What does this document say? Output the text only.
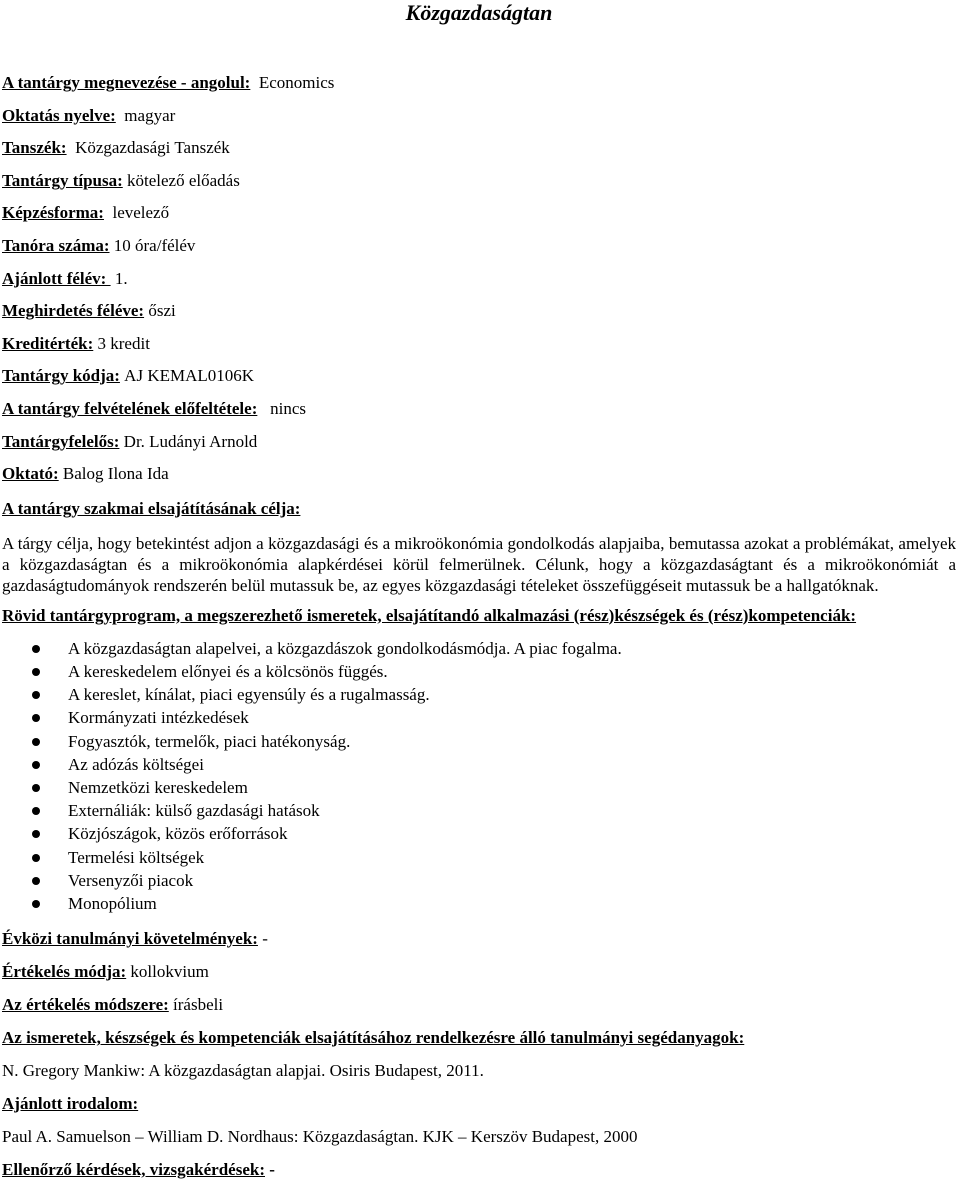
Közgazdaságtan

A tantárgy megnevezése - angolul: Economics

Oktatás nyelve: magyar

Tanszék: Közgazdasági Tanszék

Tantárgy típusa: kötelező előadás

Képzésforma: levelező

Tanóra száma: 10 óra/félév

Ajánlott félév:  1.

Meghirdetés féléve: őszi

Kreditérték: 3 kredit

Tantárgy kódja: AJ KEMAL0106K

A tantárgy felvételének előfeltétele: nincs

Tantárgyfelelős: Dr. Ludányi Arnold

Oktató: Balog Ilona Ida

A tantárgy szakmai elsajátításának célja:

A tárgy célja, hogy betekintést adjon a közgazdasági és a mikroökonómia gondolkodás alapjaiba, bemutassa azokat a problémákat, amelyek a közgazdaságtan és a mikroökonómia alapkérdései körül felmerülnek. Célunk, hogy a közgazdaságtant és a mikroökonómiát a gazdaságtudományok rendszerén belül mutassuk be, az egyes közgazdasági tételeket összefüggéseit mutassuk be a hallgatóknak.

Rövid tantárgyprogram, a megszerezhető ismeretek, elsajátítandó alkalmazási (rész)készségek és (rész)kompetenciák:

A közgazdaságtan alapelvei, a közgazdászok gondolkodásmódja. A piac fogalma.
A kereskedelem előnyei és a kölcsönös függés.
A kereslet, kínálat, piaci egyensúly és a rugalmasság.
Kormányzati intézkedések
Fogyasztók, termelők, piaci hatékonyság.
Az adózás költségei
Nemzetközi kereskedelem
Externáliák: külső gazdasági hatások
Közjószágok, közös erőforrások
Termelési költségek
Versenyzői piacok
Monopólium

Évközi tanulmányi követelmények: -

Értékelés módja: kollokvium

Az értékelés módszere: írásbeli

Az ismeretek, készségek és kompetenciák elsajátításához rendelkezésre álló tanulmányi segédanyagok:

N. Gregory Mankiw: A közgazdaságtan alapjai. Osiris Budapest, 2011.

Ajánlott irodalom:

Paul A. Samuelson – William D. Nordhaus: Közgazdaságtan. KJK – Kerszöv Budapest, 2000

Ellenőrző kérdések, vizsgakérdések: -
